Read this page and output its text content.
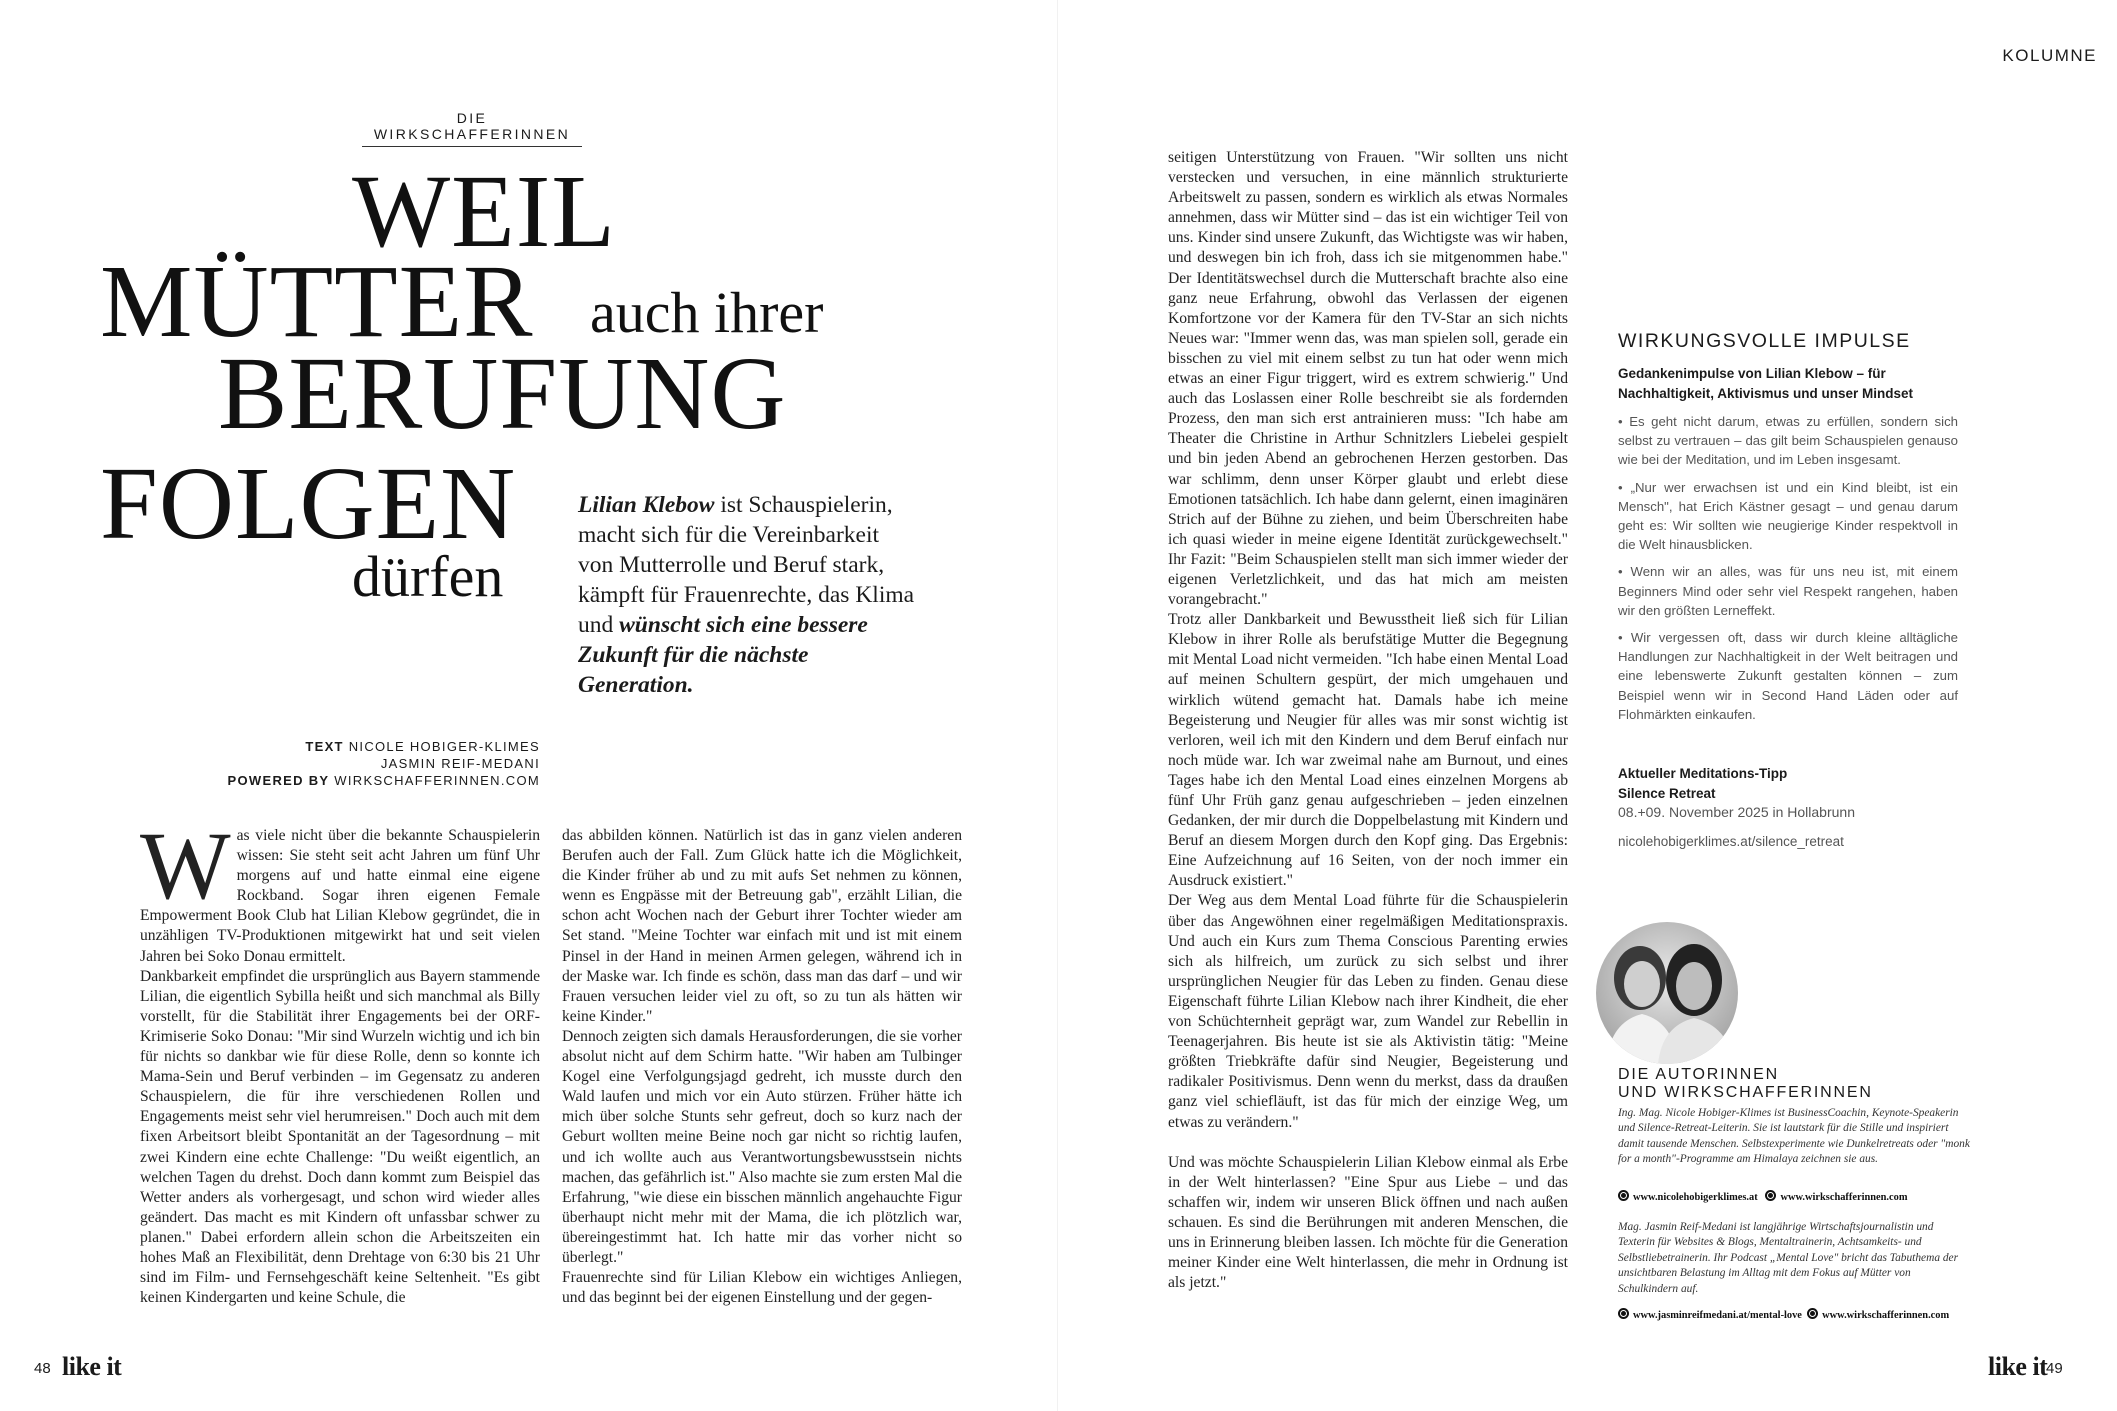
DIE WIRKSCHAFFERINNEN
WEIL
MÜTTER auch ihrer
BERUFUNG
FOLGEN
dürfen
Lilian Klebow ist Schauspielerin, macht sich für die Vereinbarkeit von Mutterrolle und Beruf stark, kämpft für Frauenrechte, das Klima und wünscht sich eine bessere Zukunft für die nächste Generation.
TEXT NICOLE HOBIGER-KLIMES
JASMIN REIF-MEDANI
POWERED BY WIRKSCHAFFERINNEN.COM
W as viele nicht über die bekannte Schauspielerin wissen: Sie steht seit acht Jahren um fünf Uhr morgens auf und hatte einmal eine eigene Rockband. Sogar ihren eigenen Female Empowerment Book Club hat Lilian Klebow gegründet, die in unzähligen TV-Produktionen mitgewirkt hat und seit vielen Jahren bei Soko Donau ermittelt.

Dankbarkeit empfindet die ursprünglich aus Bayern stammende Lilian, die eigentlich Sybilla heißt und sich manchmal als Billy vorstellt, für die Stabilität ihrer Engagements bei der ORF-Krimiserie Soko Donau: "Mir sind Wurzeln wichtig und ich bin für nichts so dankbar wie für diese Rolle, denn so konnte ich Mama-Sein und Beruf verbinden – im Gegensatz zu anderen Schauspielern, die für ihre verschiedenen Rollen und Engagements meist sehr viel herumreisen." Doch auch mit dem fixen Arbeitsort bleibt Spontanität an der Tagesordnung – mit zwei Kindern eine echte Challenge: "Du weißt eigentlich, an welchen Tagen du drehst. Doch dann kommt zum Beispiel das Wetter anders als vorhergesagt, und schon wird wieder alles geändert. Das macht es mit Kindern oft unfassbar schwer zu planen." Dabei erfordern allein schon die Arbeitszeiten ein hohes Maß an Flexibilität, denn Drehtage von 6:30 bis 21 Uhr sind im Film- und Fernsehgeschäft keine Seltenheit. "Es gibt keinen Kindergarten und keine Schule, die

das abbilden können. Natürlich ist das in ganz vielen anderen Berufen auch der Fall. Zum Glück hatte ich die Möglichkeit, die Kinder früher ab und zu mit aufs Set nehmen zu können, wenn es Engpässe mit der Betreuung gab", erzählt Lilian, die schon acht Wochen nach der Geburt ihrer Tochter wieder am Set stand. "Meine Tochter war einfach mit und ist mit einem Pinsel in der Hand in meinen Armen gelegen, während ich in der Maske war. Ich finde es schön, dass man das darf – und wir Frauen versuchen leider viel zu oft, so zu tun als hätten wir keine Kinder."

Dennoch zeigten sich damals Herausforderungen, die sie vorher absolut nicht auf dem Schirm hatte. "Wir haben am Tulbinger Kogel eine Verfolgungsjagd gedreht, ich musste durch den Wald laufen und mich vor ein Auto stürzen. Früher hätte ich mich über solche Stunts sehr gefreut, doch so kurz nach der Geburt wollten meine Beine noch gar nicht so richtig laufen, und ich wollte auch aus Verantwortungsbewusstsein nichts machen, das gefährlich ist." Also machte sie zum ersten Mal die Erfahrung, "wie diese ein bisschen männlich angehauchte Figur überhaupt nicht mehr mit der Mama, die ich plötzlich war, übereingestimmt hat. Ich hatte mir das vorher nicht so überlegt."

Frauenrechte sind für Lilian Klebow ein wichtiges Anliegen, und das beginnt bei der eigenen Einstellung und der gegen-

48 like it
KOLUMNE

seitigen Unterstützung von Frauen. "Wir sollten uns nicht verstecken und versuchen, in eine männlich strukturierte Arbeitswelt zu passen, sondern es wirklich als etwas Normales annehmen, dass wir Mütter sind – das ist ein wichtiger Teil von uns. Kinder sind unsere Zukunft, das Wichtigste was wir haben, und deswegen bin ich froh, dass ich sie mitgenommen habe." Der Identitätswechsel durch die Mutterschaft brachte also eine ganz neue Erfahrung, obwohl das Verlassen der eigenen Komfortzone vor der Kamera für den TV-Star an sich nichts Neues war: "Immer wenn das, was man spielen soll, gerade ein bisschen zu viel mit einem selbst zu tun hat oder wenn mich etwas an einer Figur triggert, wird es extrem schwierig." Und auch das Loslassen einer Rolle beschreibt sie als fordernden Prozess, den man sich erst antrainieren muss: "Ich habe am Theater die Christine in Arthur Schnitzlers Liebelei gespielt und bin jeden Abend an gebrochenen Herzen gestorben. Das war schlimm, denn unser Körper glaubt und erlebt diese Emotionen tatsächlich. Ich habe dann gelernt, einen imaginären Strich auf der Bühne zu ziehen, und beim Überschreiten habe ich quasi wieder in meine eigene Identität zurückgewechselt." Ihr Fazit: "Beim Schauspielen stellt man sich immer wieder der eigenen Verletzlichkeit, und das hat mich am meisten vorangebracht."

Trotz aller Dankbarkeit und Bewusstheit ließ sich für Lilian Klebow in ihrer Rolle als berufstätige Mutter die Begegnung mit Mental Load nicht vermeiden. "Ich habe einen Mental Load auf meinen Schultern gespürt, der mich umgehauen und wirklich wütend gemacht hat. Damals habe ich meine Begeisterung und Neugier für alles was mir sonst wichtig ist verloren, weil ich mit den Kindern und dem Beruf einfach nur noch müde war. Ich war zweimal nahe am Burnout, und eines Tages habe ich den Mental Load eines einzelnen Morgens ab fünf Uhr Früh ganz genau aufgeschrieben – jeden einzelnen Gedanken, der mir durch die Doppelbelastung mit Kindern und Beruf an diesem Morgen durch den Kopf ging. Das Ergebnis: Eine Aufzeichnung auf 16 Seiten, von der noch immer ein Ausdruck existiert."

Der Weg aus dem Mental Load führte für die Schauspielerin über das Angewöhnen einer regelmäßigen Meditationspraxis. Und auch ein Kurs zum Thema Conscious Parenting erwies sich als hilfreich, um zurück zu sich selbst und ihrer ursprünglichen Neugier für das Leben zu finden. Genau diese Eigenschaft führte Lilian Klebow nach ihrer Kindheit, die eher von Schüchternheit geprägt war, zum Wandel zur Rebellin in Teenagerjahren. Bis heute ist sie als Aktivistin tätig: "Meine größten Triebkräfte dafür sind Neugier, Begeisterung und radikaler Positivismus. Denn wenn du merkst, dass da draußen ganz viel schiefläuft, ist das für mich der einzige Weg, um etwas zu verändern."

Und was möchte Schauspielerin Lilian Klebow einmal als Erbe in der Welt hinterlassen? "Eine Spur aus Liebe – und das schaffen wir, indem wir unseren Blick öffnen und nach außen schauen. Es sind die Berührungen mit anderen Menschen, die uns in Erinnerung bleiben lassen. Ich möchte für die Generation meiner Kinder eine Welt hinterlassen, die mehr in Ordnung ist als jetzt."

WIRKUNGSVOLLE IMPULSE
Gedankenimpulse von Lilian Klebow – für Nachhaltigkeit, Aktivismus und unser Mindset
• Es geht nicht darum, etwas zu erfüllen, sondern sich selbst zu vertrauen – das gilt beim Schauspielen genauso wie bei der Meditation, und im Leben insgesamt.
• „Nur wer erwachsen ist und ein Kind bleibt, ist ein Mensch", hat Erich Kästner gesagt – und genau darum geht es: Wir sollten wie neugierige Kinder respektvoll in die Welt hinausblicken.
• Wenn wir an alles, was für uns neu ist, mit einem Beginners Mind oder sehr viel Respekt rangehen, haben wir den größten Lerneffekt.
• Wir vergessen oft, dass wir durch kleine alltägliche Handlungen zur Nachhaltigkeit in der Welt beitragen und eine lebenswerte Zukunft gestalten können – zum Beispiel wenn wir in Second Hand Läden oder auf Flohmärkten einkaufen.
Aktueller Meditations-Tipp
Silence Retreat
08.+09. November 2025 in Hollabrunn
nicolehobigerklimes.at/silence_retreat
DIE AUTORINNEN
UND WIRKSCHAFFERINNEN
Ing. Mag. Nicole Hobiger-Klimes ist BusinessCoachin, Keynote-Speakerin und Silence-Retreat-Leiterin. Sie ist lautstark für die Stille und inspiriert damit tausende Menschen. Selbstexperimente wie Dunkelretreats oder "monk for a month"-Programme am Himalaya zeichnen sie aus.
www.nicolehobigerklimes.at www.wirkschafferinnen.com
Mag. Jasmin Reif-Medani ist langjährige Wirtschaftsjournalistin und Texterin für Websites & Blogs, Mentaltrainerin, Achtsamkeits- und Selbstliebetrainerin. Ihr Podcast „Mental Love" bricht das Tabuthema der unsichtbaren Belastung im Alltag mit dem Fokus auf Mütter von Schulkindern auf.
www.jasminreifmedani.at/mental-love www.wirkschafferinnen.com
like it
49
